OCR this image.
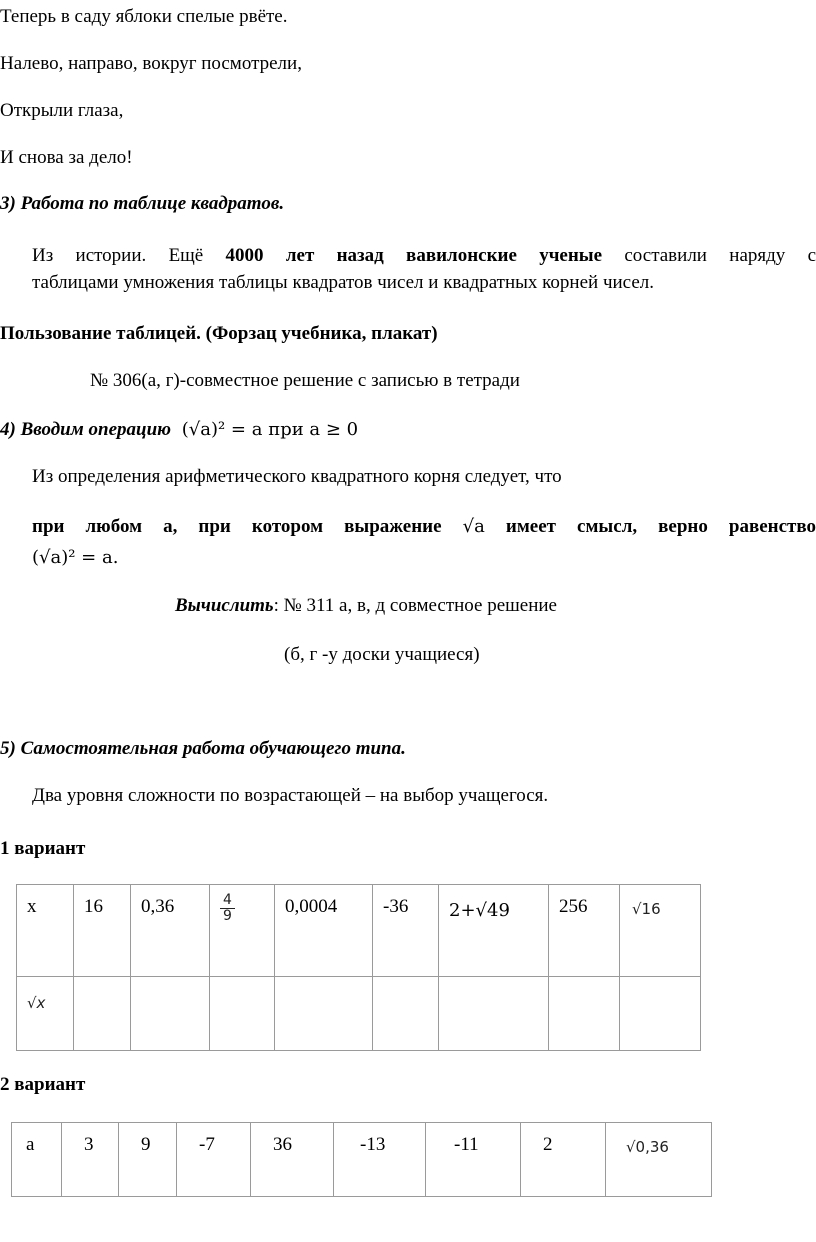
Теперь в саду яблоки спелые рвёте.
Налево, направо, вокруг посмотрели,
Открыли глаза,
И снова за дело!
3) Работа по таблице квадратов.
Из истории. Ещё 4000 лет назад вавилонские ученые составили наряду с
таблицами умножения таблицы квадратов чисел и квадратных корней чисел.
Пользование таблицей. (Форзац учебника, плакат)
№ 306(а, г)-совместное решение с записью в тетради
4) Вводим операцию (√a)² = a при a ≥ 0
Из определения арифметического квадратного корня следует, что
при любом а, при котором выражение √a имеет смысл, верно равенство
(√a)² = a.
Вычислить: № 311 а, в, д совместное решение
(б, г -у доски учащиеся)
5) Самостоятельная работа обучающего типа.
Два уровня сложности по возрастающей – на выбор учащегося.
1 вариант
x	16	0,36	$\frac{4}{9}$	0,0004	-36	2+√49	256	√16

√x								

2 вариант
a	3	9	-7	36	-13	-11	2	√0,36
